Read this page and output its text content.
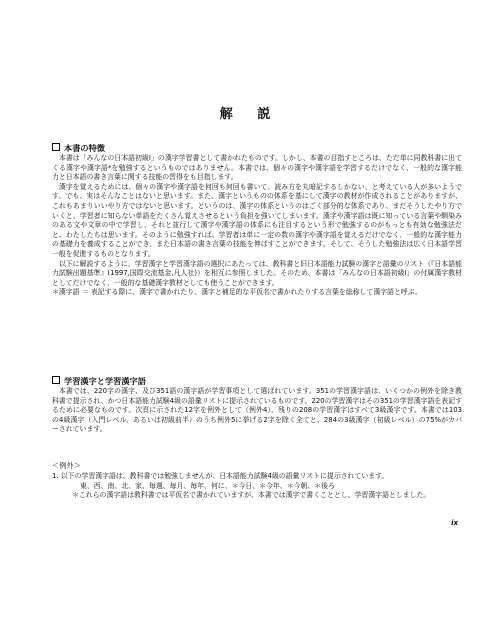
解 説
本書の特徴

本書は「みんなの日本語初級Ⅰ」の漢字学習書として書かれたものです。しかし、本書の目指すところは、ただ単に同教科書に出てくる漢字や漢字語*を勉強するというものではありません。本書では、個々の漢字や漢字語を学習するだけでなく、一般的な漢字能力と日本語の書き言葉に関する技能の習得をも目指します。

漢字を覚えるためには、個々の漢字や漢字語を何回も何回も書いて、読み方を丸暗記するしかない、と考えている人が多いようです。でも、実はそんなことはないと思います。また、漢字というものの体系を基にして漢字の教材が作成されることがありますが、これもあまりいいやり方ではないと思います。というのは、漢字の体系というのはごく部分的な体系であり、まだそうしたやり方でいくと、学習者に知らない単語をたくさん覚えさせるという負担を強いてしまいます。漢字や漢字語は既に知っている言葉や馴染みのある文や文章の中で学習し、それと並行して漢字や漢字語の体系にも注目するという形で勉強するのがもっとも有効な勉強法だと、わたしたちは思います。そのように勉強すれば、学習者は単に一定の数の漢字や漢字語を覚えるだけでなく、一般的な漢字能力の基礎力を養成することができ、また日本語の書き言葉の技能を伸ばすことができます。そして、そうした勉強法は広く日本語学習一般を促進するものとなります。

以下に解説するように、学習漢字と学習漢字語の選択にあたっては、教科書と旧日本語能力試験の漢字と語彙のリスト（『日本語能力試験出題基準』(1997,国際交流基金,凡人社)）を相互に参照しました。そのため、本書は「みんなの日本語初級Ⅰ」の付属漢字教材としてだけでなく、一般的な基礎漢字教材としても使うことができます。

＊漢字語 ＝ 表記する際に、漢字で書かれたり、漢字と補足的な平仮名で書かれたりする言葉を総称して漢字語と呼ぶ。

学習漢字と学習漢字語

本書では、220字の漢字、及び351語の漢字語が学習事項として選ばれています。351の学習漢字語は、いくつかの例外を除き教科書で提示され、かつ日本語能力試験4級の語彙リストに提示されているものです。220の学習漢字はその351の学習漢字語を表記するために必要なものです。次頁に示された12字を例外として（例外4）、残りの208の学習漢字はすべて3級漢字です。本書では103の4級漢字（入門レベル、あるいは初級前半）のうち例外5に挙げる2字を除く全てと、284の3級漢字（初級レベル）の75%がカバーされています。

＜例外＞

1. 以下の学習漢字語は、教科書では勉強しませんが、日本語能力試験4級の語彙リストに提示されています。

東、西、南、北、家、毎週、毎月、毎年、何に、＊今日、＊今年、＊今朝、＊後ろ

＊これらの漢字語は教科書では平仮名で書かれていますが、本書では漢字で書くこととし、学習漢字語としました。

ix
